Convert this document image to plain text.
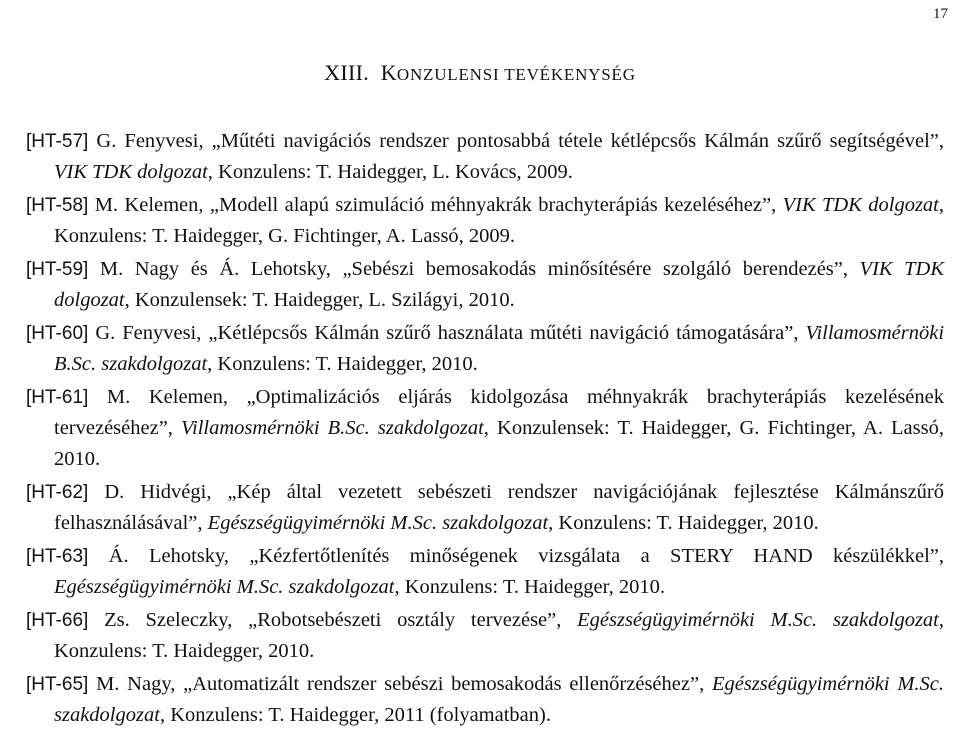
17
XIII. KONZULENSI TEVÉKENYSÉG
[HT-57] G. Fenyvesi, „Műtéti navigációs rendszer pontosabbá tétele kétlépcsős Kálmán szűrő segítségével”, VIK TDK dolgozat, Konzulens: T. Haidegger, L. Kovács, 2009.
[HT-58] M. Kelemen, „Modell alapú szimuláció méhnyakrák brachyterápiás kezeléséhez”, VIK TDK dolgozat, Konzulens: T. Haidegger, G. Fichtinger, A. Lassó, 2009.
[HT-59] M. Nagy és Á. Lehotsky, „Sebészi bemosakodás minősítésére szolgáló berendezés”, VIK TDK dolgozat, Konzulensek: T. Haidegger, L. Szilágyi, 2010.
[HT-60] G. Fenyvesi, „Kétlépcsős Kálmán szűrő használata műtéti navigáció támogatására”, Villamosmérnöki B.Sc. szakdolgozat, Konzulens: T. Haidegger, 2010.
[HT-61] M. Kelemen, „Optimalizációs eljárás kidolgozása méhnyakrák brachyterápiás kezelésének tervezéséhez”, Villamosmérnöki B.Sc. szakdolgozat, Konzulensek: T. Haidegger, G. Fichtinger, A. Lassó, 2010.
[HT-62] D. Hidvégi, „Kép által vezetett sebészeti rendszer navigációjának fejlesztése Kálmánszűrő felhasználásával”, Egészségügyimérnöki M.Sc. szakdolgozat, Konzulens: T. Haidegger, 2010.
[HT-63] Á. Lehotsky, „Kézfertőtlenítés minőségenek vizsgálata a STERY HAND készülékkel”, Egészségügyimérnöki M.Sc. szakdolgozat, Konzulens: T. Haidegger, 2010.
[HT-66] Zs. Szeleczky, „Robotsebészeti osztály tervezése”, Egészségügyimérnöki M.Sc. szakdolgozat, Konzulens: T. Haidegger, 2010.
[HT-65] M. Nagy, „Automatizált rendszer sebészi bemosakodás ellenőrzéséhez”, Egészségügyimérnöki M.Sc. szakdolgozat, Konzulens: T. Haidegger, 2011 (folyamatban).
